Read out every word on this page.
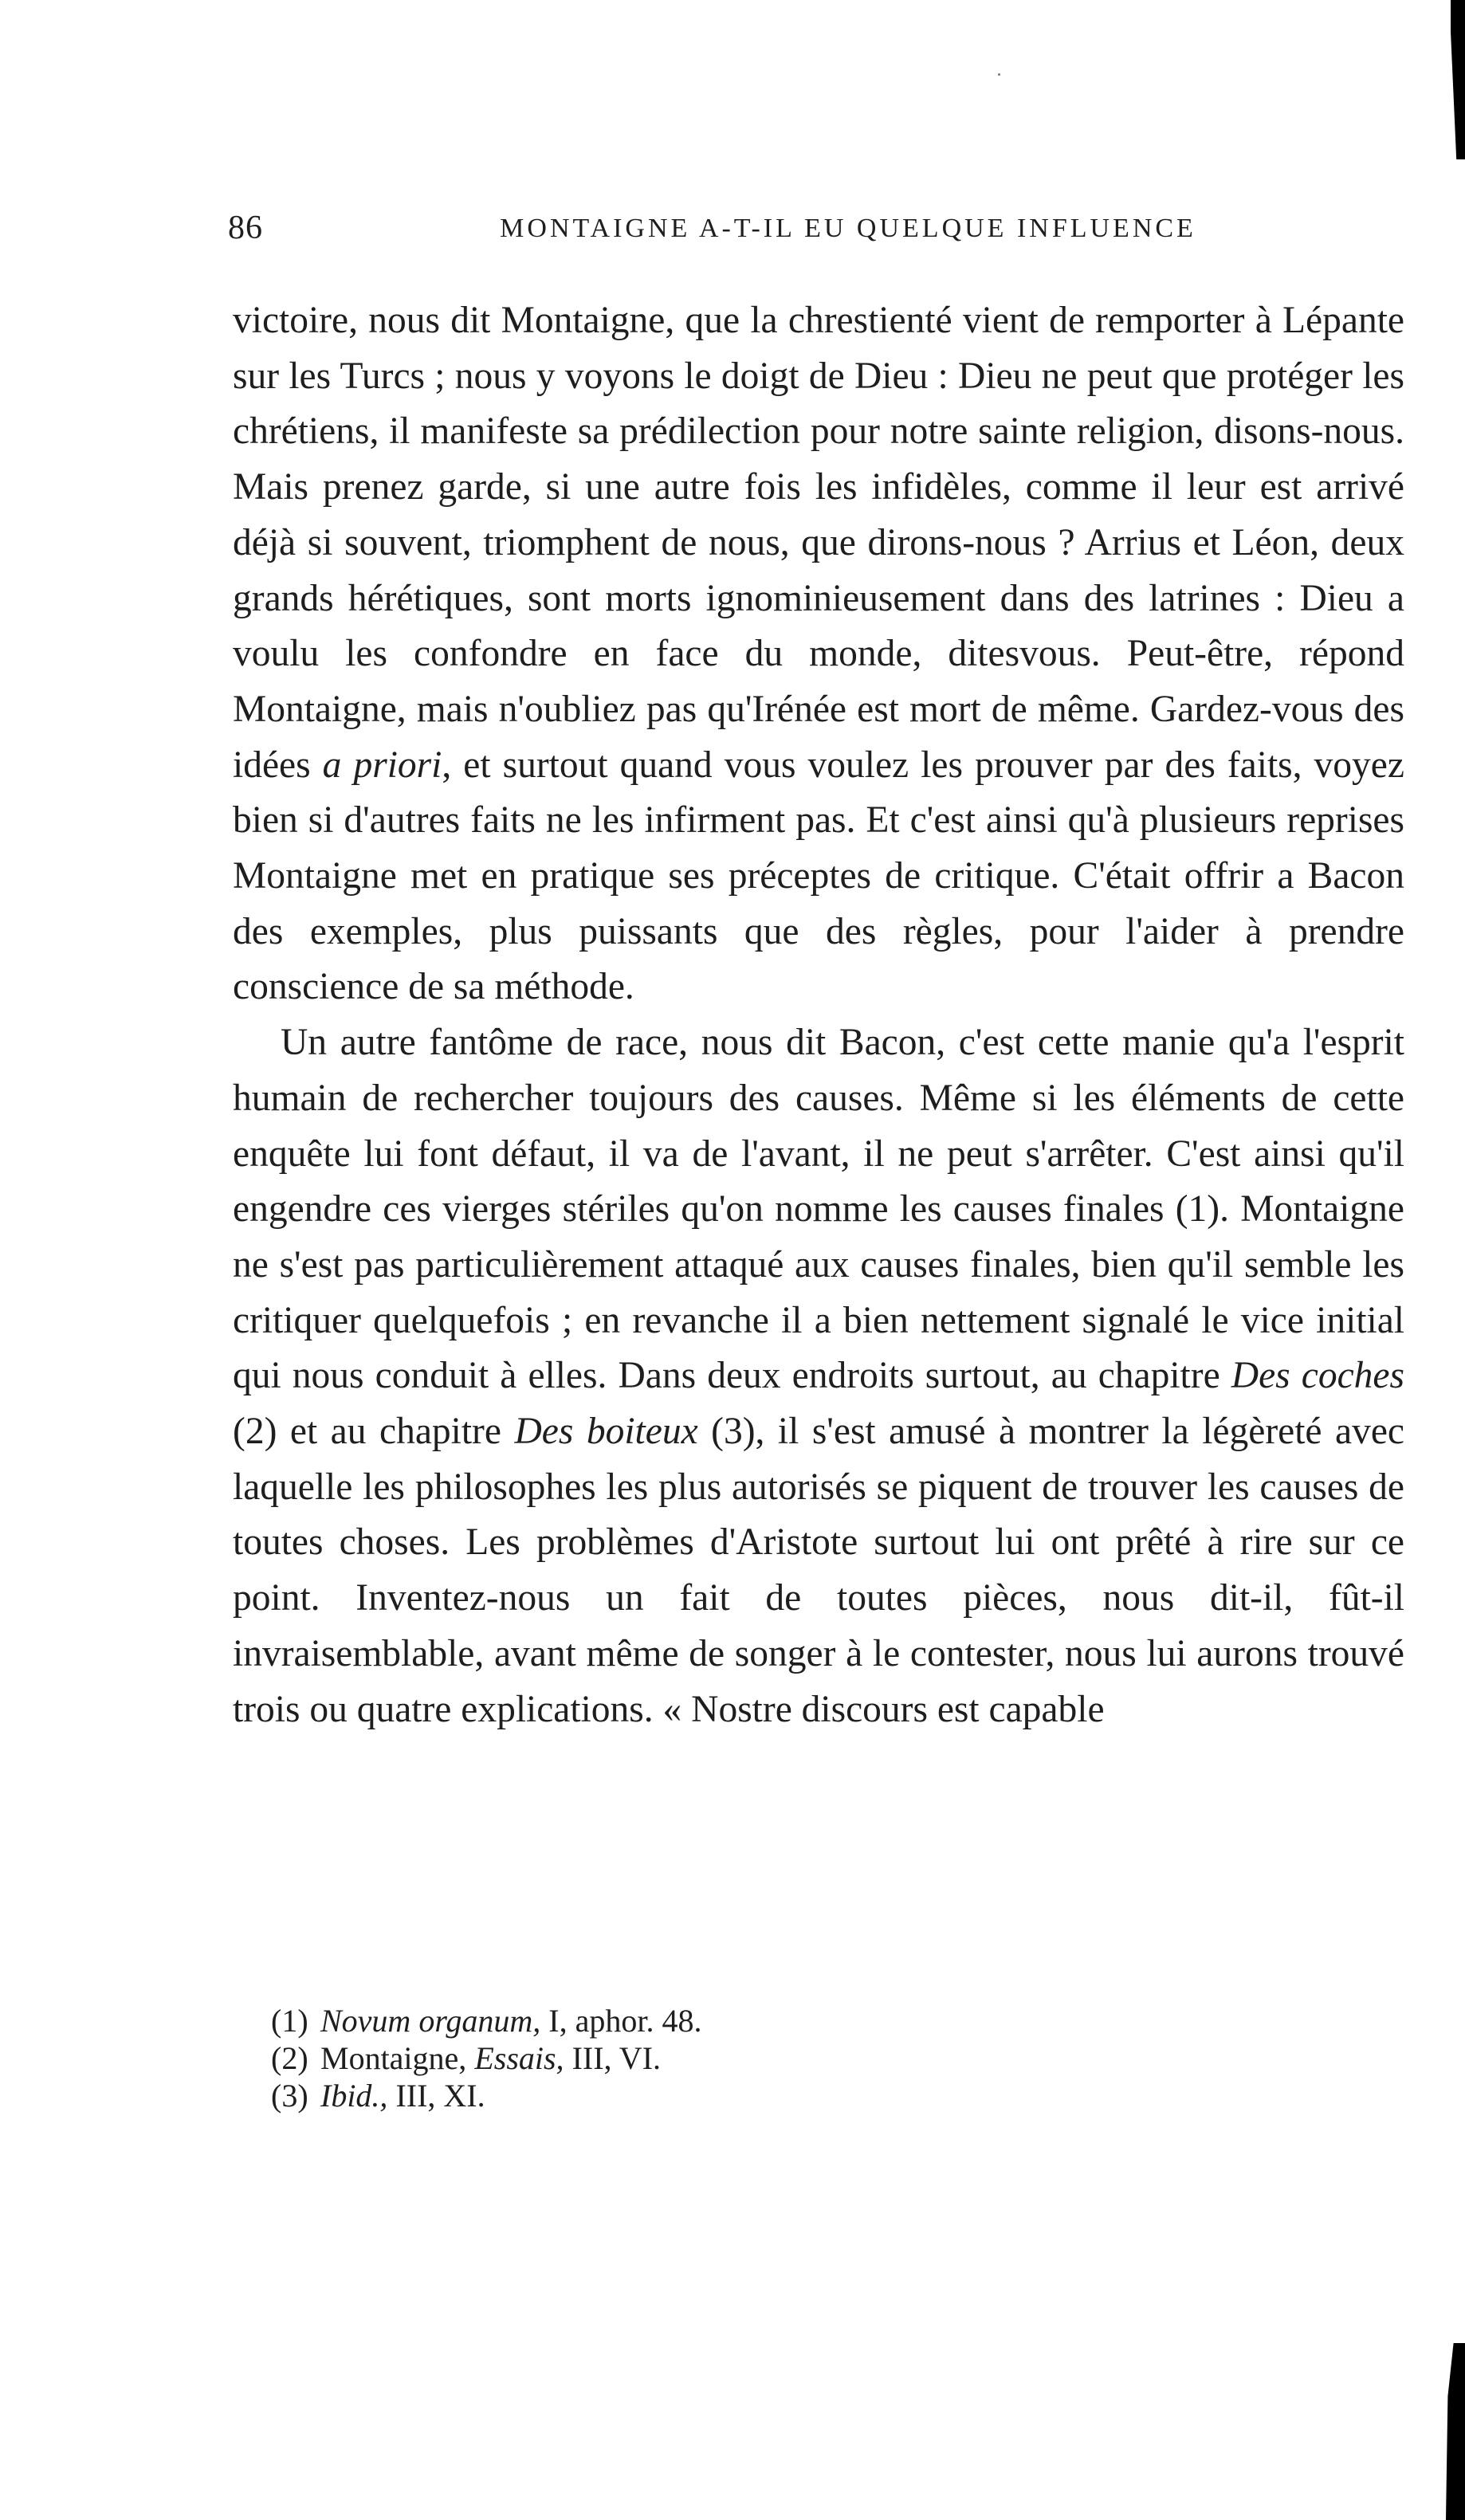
86	MONTAIGNE A-T-IL EU QUELQUE INFLUENCE

victoire, nous dit Montaigne, que la chrestienté vient de remporter à Lépante sur les Turcs ; nous y voyons le doigt de Dieu : Dieu ne peut que protéger les chrétiens, il manifeste sa prédilection pour notre sainte religion, disons-nous. Mais prenez garde, si une autre fois les infidèles, comme il leur est arrivé déjà si souvent, triomphent de nous, que dirons-nous ? Arrius et Léon, deux grands hérétiques, sont morts ignominieusement dans des latrines : Dieu a voulu les confondre en face du monde, ditesvous. Peut-être, répond Montaigne, mais n'oubliez pas qu'Irénée est mort de même. Gardez-vous des idées a priori, et surtout quand vous voulez les prouver par des faits, voyez bien si d'autres faits ne les infirment pas. Et c'est ainsi qu'à plusieurs reprises Montaigne met en pratique ses préceptes de critique. C'était offrir a Bacon des exemples, plus puissants que des règles, pour l'aider à prendre conscience de sa méthode.

Un autre fantôme de race, nous dit Bacon, c'est cette manie qu'a l'esprit humain de rechercher toujours des causes. Même si les éléments de cette enquête lui font défaut, il va de l'avant, il ne peut s'arrêter. C'est ainsi qu'il engendre ces vierges stériles qu'on nomme les causes finales (1). Montaigne ne s'est pas particulièrement attaqué aux causes finales, bien qu'il semble les critiquer quelquefois ; en revanche il a bien nettement signalé le vice initial qui nous conduit à elles. Dans deux endroits surtout, au chapitre Des coches (2) et au chapitre Des boiteux (3), il s'est amusé à montrer la légèreté avec laquelle les philosophes les plus autorisés se piquent de trouver les causes de toutes choses. Les problèmes d'Aristote surtout lui ont prêté à rire sur ce point. Inventez-nous un fait de toutes pièces, nous dit-il, fût-il invraisemblable, avant même de songer à le contester, nous lui aurons trouvé trois ou quatre explications. « Nostre discours est capable

(1) Novum organum, I, aphor. 48.
(2) Montaigne, Essais, III, VI.
(3) Ibid., III, XI.
